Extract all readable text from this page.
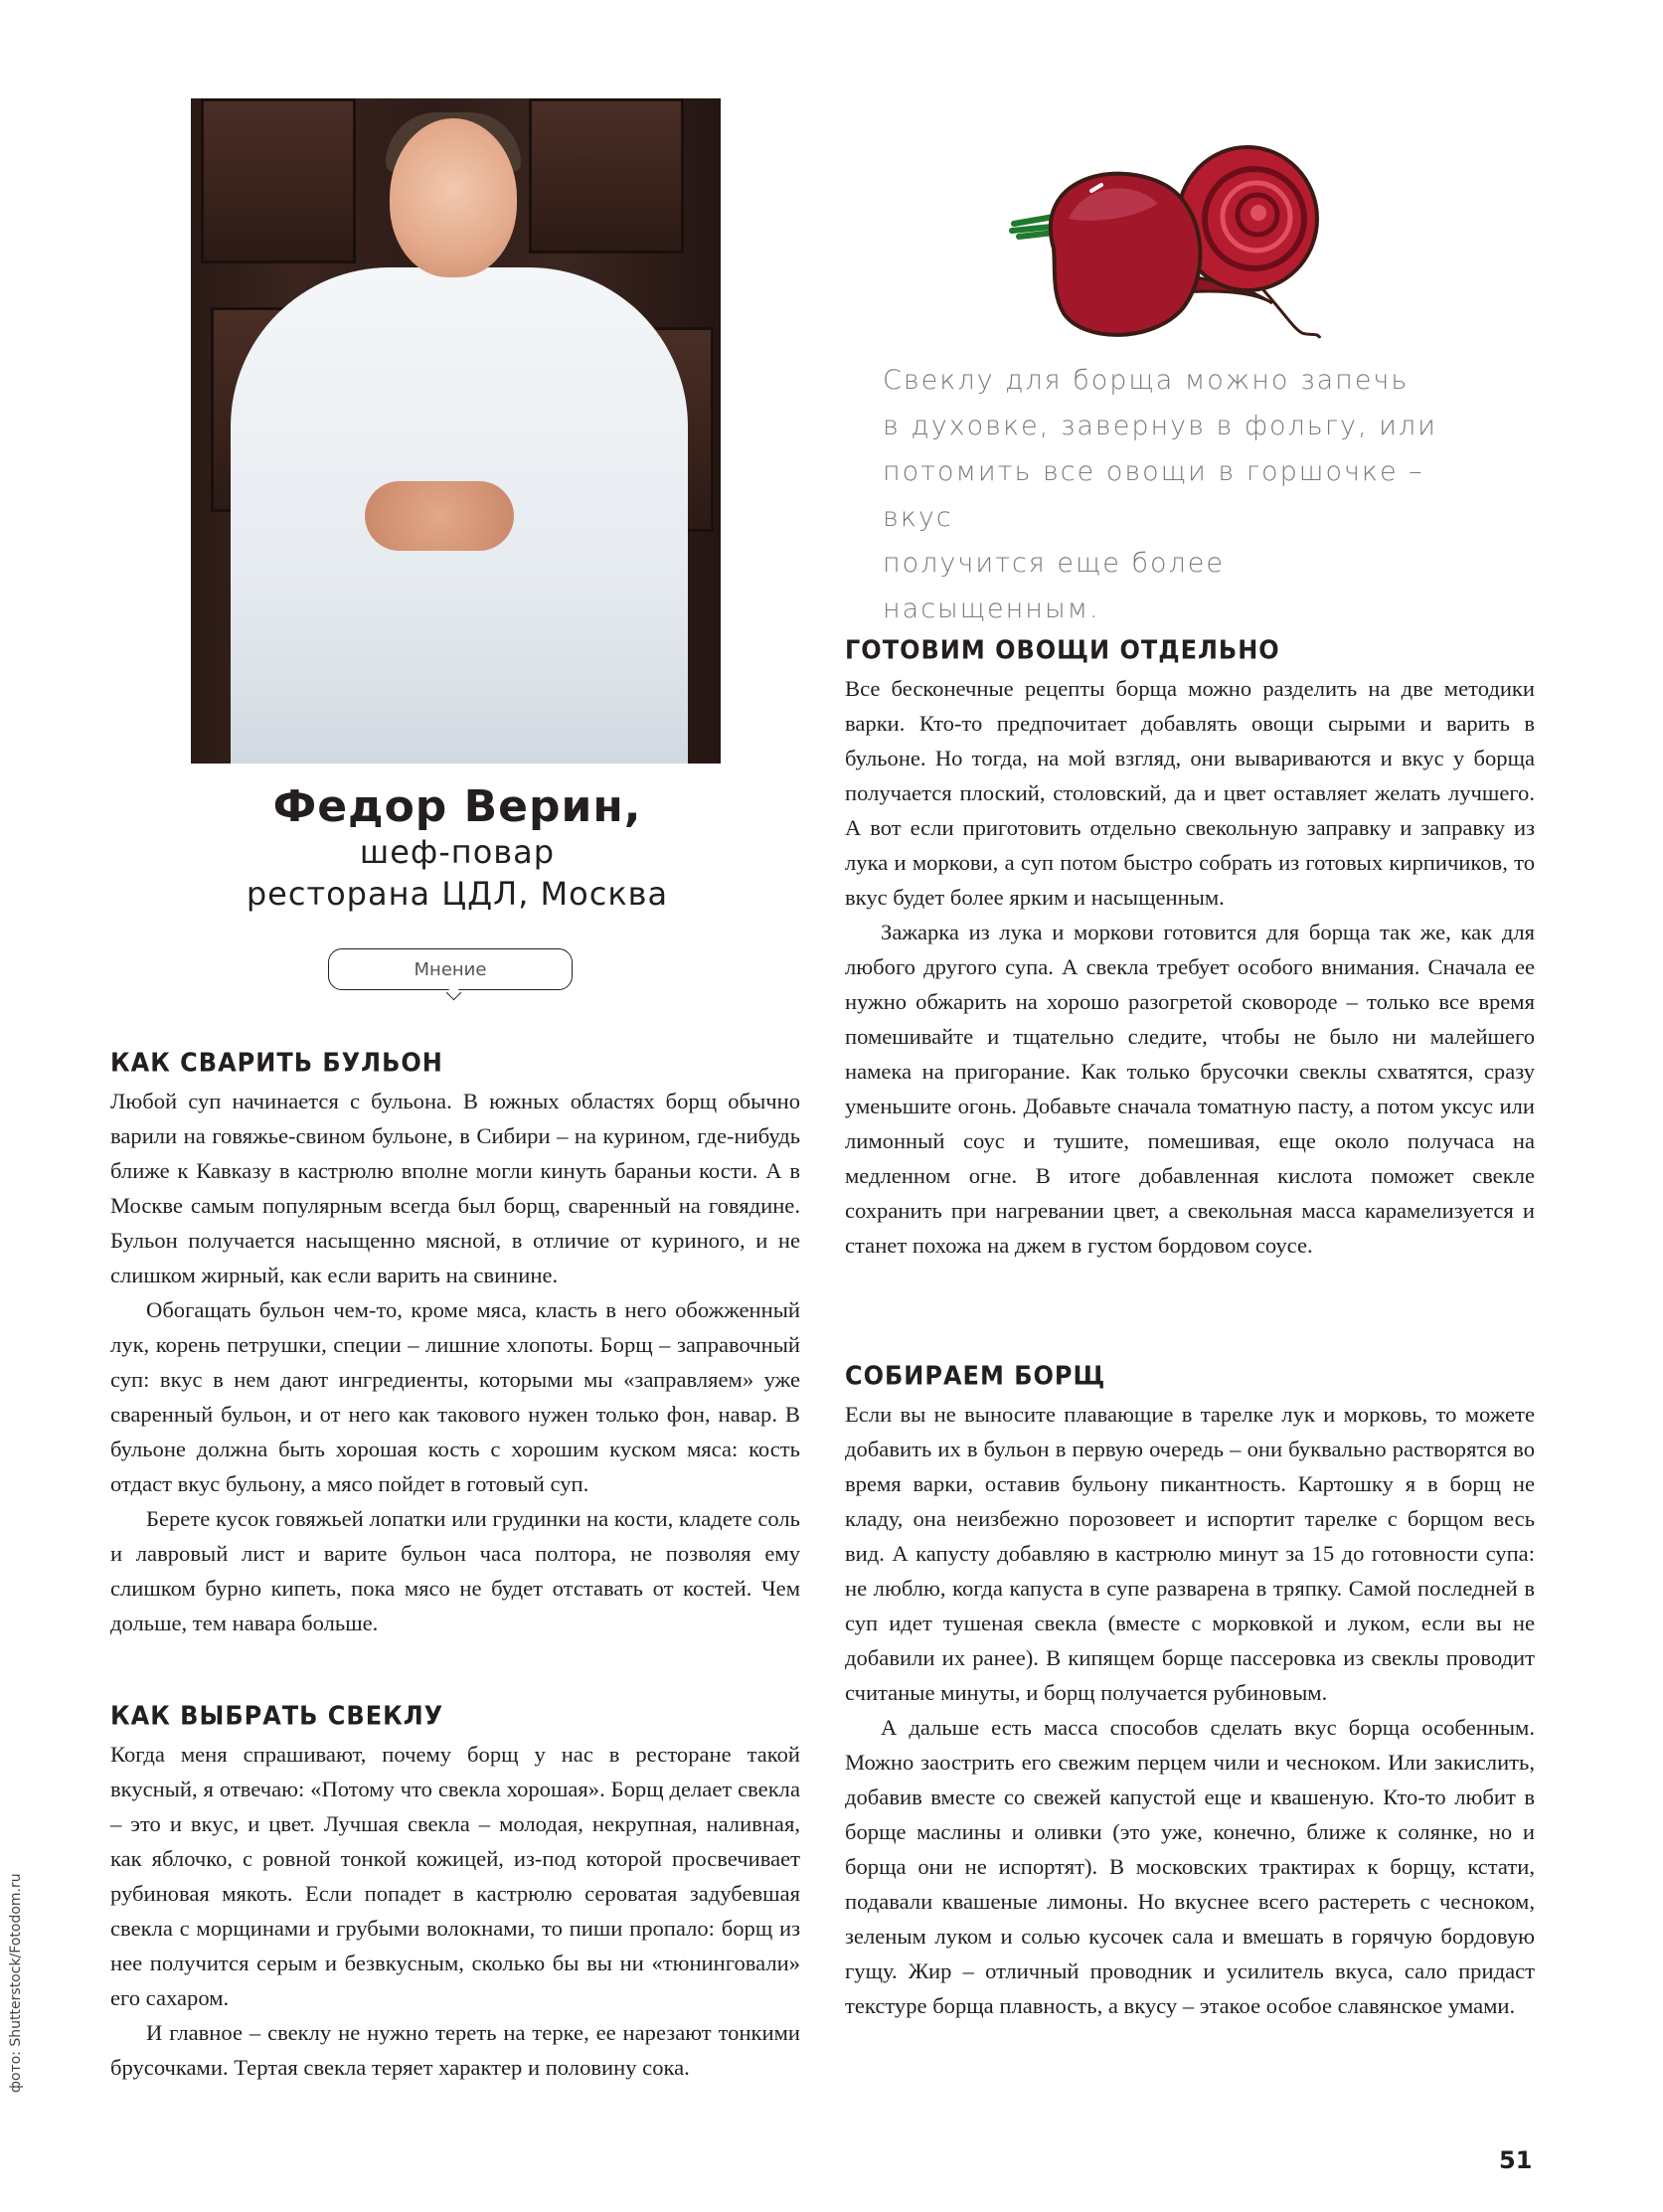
Федор Верин,
шеф-повар
ресторана ЦДЛ, Москва
Мнение
Свеклу для борща можно запечь
в духовке, завернув в фольгу, или
потомить все овощи в горшочке – вкус
получится еще более насыщенным.
КАК СВАРИТЬ БУЛЬОН

Любой суп начинается с бульона. В южных областях борщ обычно варили на говяжье-свином бульоне, в Сибири – на курином, где-нибудь ближе к Кавказу в кастрюлю вполне могли кинуть бараньи кости. А в Москве самым популярным всегда был борщ, сваренный на говядине. Бульон получается насыщенно мясной, в отличие от куриного, и не слишком жирный, как если варить на свинине.

Обогащать бульон чем-то, кроме мяса, класть в него обожженный лук, корень петрушки, специи – лишние хлопоты. Борщ – заправочный суп: вкус в нем дают ингредиенты, которыми мы «заправляем» уже сваренный бульон, и от него как такового нужен только фон, навар. В бульоне должна быть хорошая кость с хорошим куском мяса: кость отдаст вкус бульону, а мясо пойдет в готовый суп.

Берете кусок говяжьей лопатки или грудинки на кости, кладете соль и лавровый лист и варите бульон часа полтора, не позволяя ему слишком бурно кипеть, пока мясо не будет отставать от костей. Чем дольше, тем навара больше.

КАК ВЫБРАТЬ СВЕКЛУ

Когда меня спрашивают, почему борщ у нас в ресторане такой вкусный, я отвечаю: «Потому что свекла хорошая». Борщ делает свекла – это и вкус, и цвет. Лучшая свекла – молодая, некрупная, наливная, как яблочко, с ровной тонкой кожицей, из-под которой просвечивает рубиновая мякоть. Если попадет в кастрюлю сероватая задубевшая свекла с морщинами и грубыми волокнами, то пиши пропало: борщ из нее получится серым и безвкусным, сколько бы вы ни «тюнинговали» его сахаром.

И главное – свеклу не нужно тереть на терке, ее нарезают тонкими брусочками. Тертая свекла теряет характер и половину сока.

ГОТОВИМ ОВОЩИ ОТДЕЛЬНО

Все бесконечные рецепты борща можно разделить на две методики варки. Кто-то предпочитает добавлять овощи сырыми и варить в бульоне. Но тогда, на мой взгляд, они вывариваются и вкус у борща получается плоский, столовский, да и цвет оставляет желать лучшего. А вот если приготовить отдельно свекольную заправку и заправку из лука и моркови, а суп потом быстро собрать из готовых кирпичиков, то вкус будет более ярким и насыщенным.

Зажарка из лука и моркови готовится для борща так же, как для любого другого супа. А свекла требует особого внимания. Сначала ее нужно обжарить на хорошо разогретой сковороде – только все время помешивайте и тщательно следите, чтобы не было ни малейшего намека на пригорание. Как только брусочки свеклы схватятся, сразу уменьшите огонь. Добавьте сначала томатную пасту, а потом уксус или лимонный соус и тушите, помешивая, еще около получаса на медленном огне. В итоге добавленная кислота поможет свекле сохранить при нагревании цвет, а свекольная масса карамелизуется и станет похожа на джем в густом бордовом соусе.

СОБИРАЕМ БОРЩ

Если вы не выносите плавающие в тарелке лук и морковь, то можете добавить их в бульон в первую очередь – они буквально растворятся во время варки, оставив бульону пикантность. Картошку я в борщ не кладу, она неизбежно порозовеет и испортит тарелке с борщом весь вид. А капусту добавляю в кастрюлю минут за 15 до готовности супа: не люблю, когда капуста в супе разварена в тряпку. Самой последней в суп идет тушеная свекла (вместе с морковкой и луком, если вы не добавили их ранее). В кипящем борще пассеровка из свеклы проводит считаные минуты, и борщ получается рубиновым.

А дальше есть масса способов сделать вкус борща особенным. Можно заострить его свежим перцем чили и чесноком. Или закислить, добавив вместе со свежей капустой еще и квашеную. Кто-то любит в борще маслины и оливки (это уже, конечно, ближе к солянке, но и борща они не испортят). В московских трактирах к борщу, кстати, подавали квашеные лимоны. Но вкуснее всего растереть с чесноком, зеленым луком и солью кусочек сала и вмешать в горячую бордовую гущу. Жир – отличный проводник и усилитель вкуса, сало придаст текстуре борща плавность, а вкусу – этакое особое славянское умами.

фото: Shutterstock/Fotodom.ru
51
